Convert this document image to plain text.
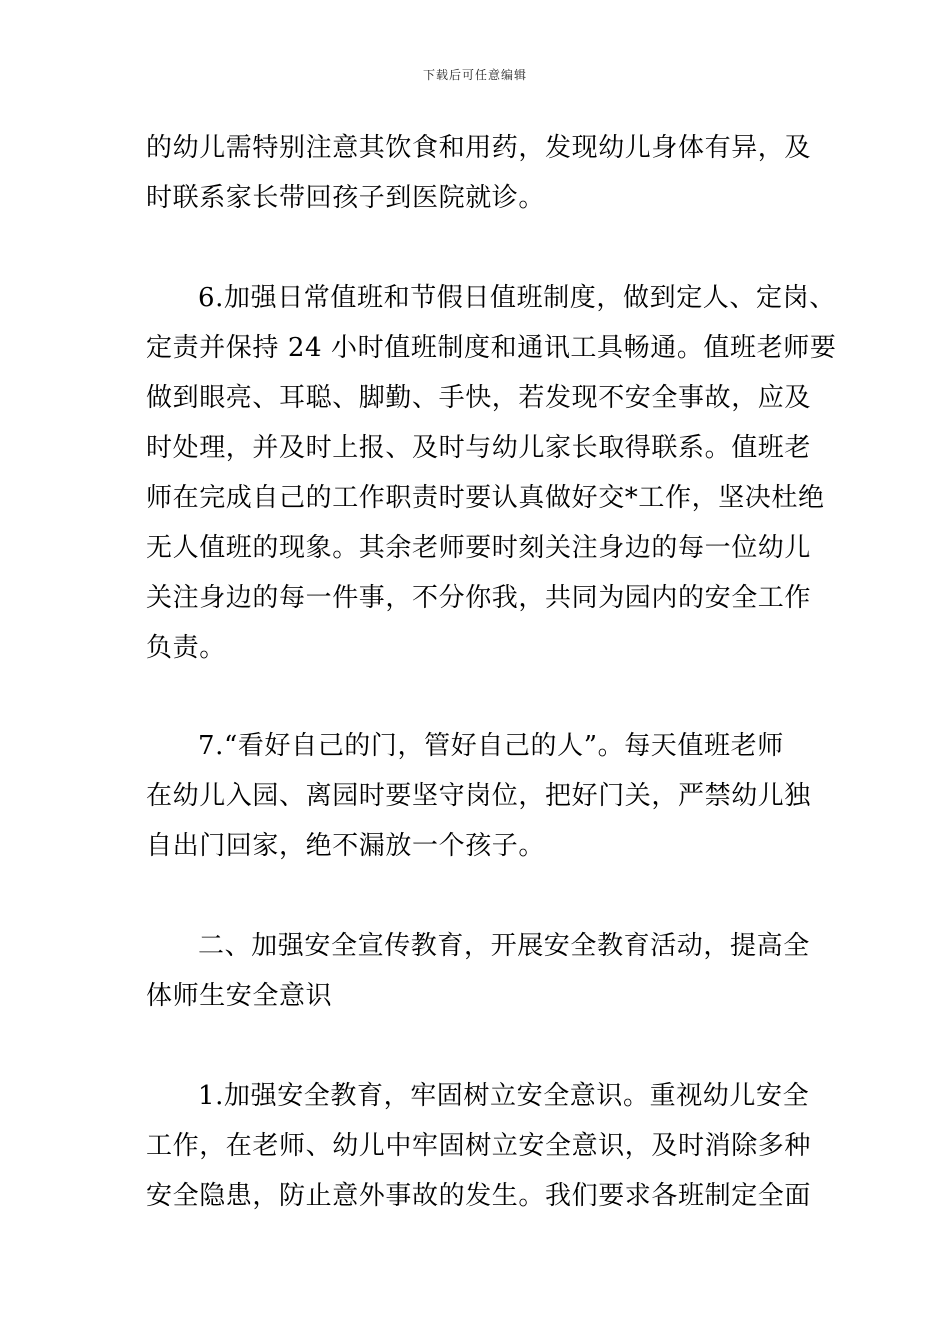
下载后可任意编辑
的幼儿需特别注意其饮食和用药，发现幼儿身体有异，及
时联系家长带回孩子到医院就诊。
6.加强日常值班和节假日值班制度，做到定人、定岗、
定责并保持 24 小时值班制度和通讯工具畅通。值班老师要
做到眼亮、耳聪、脚勤、手快，若发现不安全事故，应及
时处理，并及时上报、及时与幼儿家长取得联系。值班老
师在完成自己的工作职责时要认真做好交*工作，坚决杜绝
无人值班的现象。其余老师要时刻关注身边的每一位幼儿
关注身边的每一件事，不分你我，共同为园内的安全工作
负责。
7.“看好自己的门，管好自己的人”。每天值班老师
在幼儿入园、离园时要坚守岗位，把好门关，严禁幼儿独
自出门回家，绝不漏放一个孩子。
二、加强安全宣传教育，开展安全教育活动，提高全
体师生安全意识
1.加强安全教育，牢固树立安全意识。重视幼儿安全
工作，在老师、幼儿中牢固树立安全意识，及时消除多种
安全隐患，防止意外事故的发生。我们要求各班制定全面
